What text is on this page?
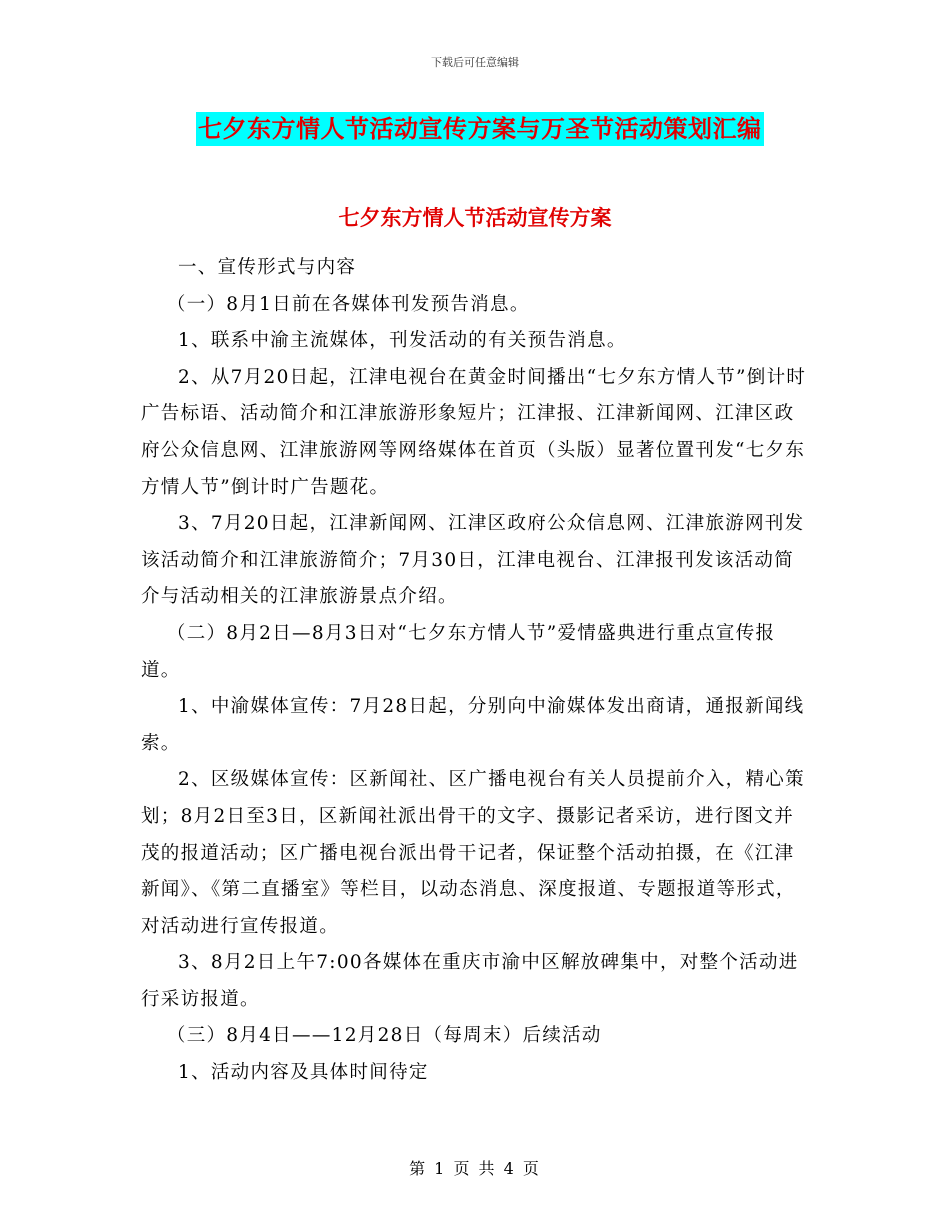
下载后可任意编辑
七夕东方情人节活动宣传方案与万圣节活动策划汇编
七夕东方情人节活动宣传方案

一、宣传形式与内容

（一）8月1日前在各媒体刊发预告消息。

1、联系中渝主流媒体，刊发活动的有关预告消息。

2、从7月20日起，江津电视台在黄金时间播出“七夕东方情人节”倒计时广告标语、活动简介和江津旅游形象短片；江津报、江津新闻网、江津区政府公众信息网、江津旅游网等网络媒体在首页（头版）显著位置刊发“七夕东方情人节”倒计时广告题花。

3、7月20日起，江津新闻网、江津区政府公众信息网、江津旅游网刊发该活动简介和江津旅游简介；7月30日，江津电视台、江津报刊发该活动简介与活动相关的江津旅游景点介绍。

（二）8月2日—8月3日对“七夕东方情人节”爱情盛典进行重点宣传报道。

1、中渝媒体宣传：7月28日起，分别向中渝媒体发出商请，通报新闻线索。

2、区级媒体宣传：区新闻社、区广播电视台有关人员提前介入，精心策划；8月2日至3日，区新闻社派出骨干的文字、摄影记者采访，进行图文并茂的报道活动；区广播电视台派出骨干记者，保证整个活动拍摄，在《江津新闻》、《第二直播室》等栏目，以动态消息、深度报道、专题报道等形式，对活动进行宣传报道。

3、8月2日上午7:00各媒体在重庆市渝中区解放碑集中，对整个活动进行采访报道。

（三）8月4日——12月28日（每周末）后续活动

1、活动内容及具体时间待定

第 1 页 共 4 页
